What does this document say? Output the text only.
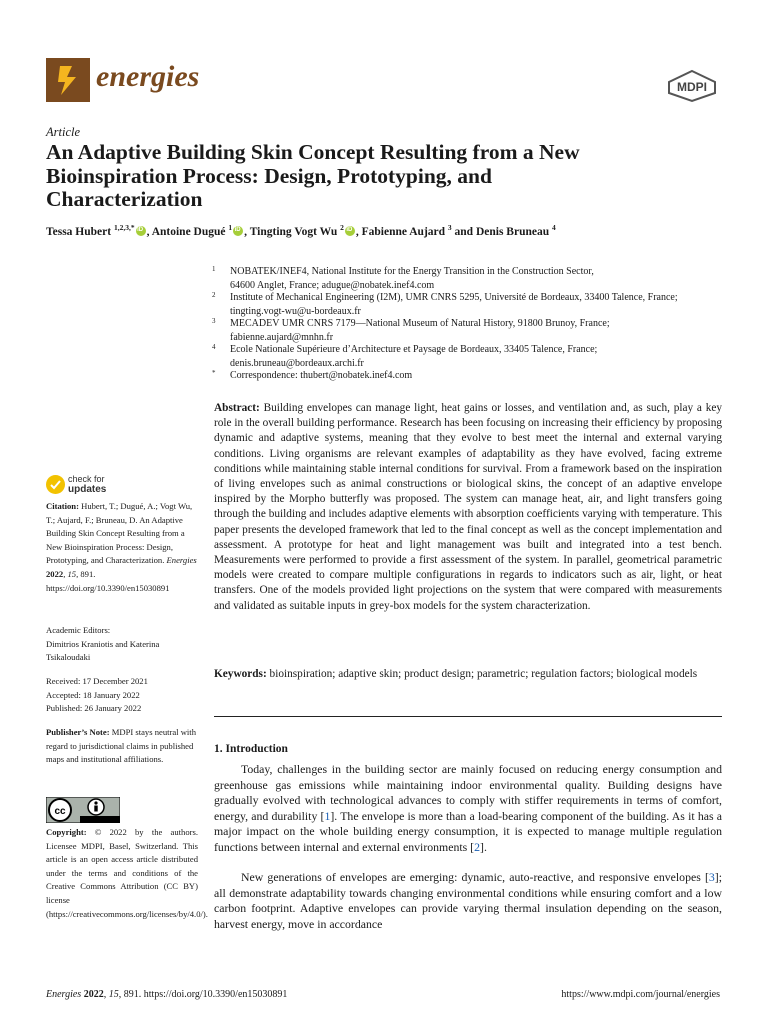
energies	MDPI
Article
An Adaptive Building Skin Concept Resulting from a New Bioinspiration Process: Design, Prototyping, and Characterization
Tessa Hubert $^{1,2,3,*}$ iD , Antoine Dugué $^1$ iD , Tingting Vogt Wu $^2$ iD , Fabienne Aujard $^3$ and Denis Bruneau $^4$
1 NOBATEK/INEF4, National Institute for the Energy Transition in the Construction Sector,
64600 Anglet, France; adugue@nobatek.inef4.com
2 Institute of Mechanical Engineering (I2M), UMR CNRS 5295, Université de Bordeaux, 33400 Talence, France;
tingting.vogt-wu@u-bordeaux.fr
3 MECADEV UMR CNRS 7179—National Museum of Natural History, 91800 Brunoy, France;
fabienne.aujard@mnhn.fr
4 Ecole Nationale Supérieure d’Architecture et Paysage de Bordeaux, 33405 Talence, France;
denis.bruneau@bordeaux.archi.fr
* Correspondence: thubert@nobatek.inef4.com
Abstract: Building envelopes can manage light, heat gains or losses, and ventilation and, as such, play a key role in the overall building performance. Research has been focusing on increasing their efficiency by proposing dynamic and adaptive systems, meaning that they evolve to best meet the internal and external varying conditions. Living organisms are relevant examples of adaptability as they have evolved, facing extreme conditions while maintaining stable internal conditions for survival. From a framework based on the inspiration of living envelopes such as animal constructions or biological skins, the concept of an adaptive envelope inspired by the Morpho butterfly was proposed. The system can manage heat, air, and light transfers going through the building and includes adaptive elements with absorption coefficients varying with temperature. This paper presents the developed framework that led to the final concept as well as the concept implementation and assessment. A prototype for heat and light management was built and integrated into a test bench. Measurements were performed to provide a first assessment of the system. In parallel, geometrical parametric models were created to compare multiple configurations in regards to indicators such as air, light, or heat transfers. One of the models provided light projections on the system that were compared with measurements and validated as suitable inputs in grey-box models for the system characterization.
Keywords: bioinspiration; adaptive skin; product design; parametric; regulation factors; biological models
1. Introduction
Today, challenges in the building sector are mainly focused on reducing energy consumption and greenhouse gas emissions while maintaining indoor environmental quality. Building designs have gradually evolved with technological advances to comply with stiffer requirements in terms of comfort, energy, and durability [1]. The envelope is more than a load-bearing component of the building. As it has a major impact on the whole building energy consumption, it is expected to manage multiple regulation functions between internal and external environments [2].
New generations of envelopes are emerging: dynamic, auto-reactive, and responsive envelopes [3]; all demonstrate adaptability towards changing environmental conditions while ensuring comfort and a low carbon footprint. Adaptive envelopes can provide varying thermal insulation depending on the season, harvest energy, move in accordance
check for
updates
Citation: Hubert, T.; Dugué, A.; Vogt Wu, T.; Aujard, F.; Bruneau, D. An Adaptive Building Skin Concept Resulting from a New Bioinspiration Process: Design, Prototyping, and Characterization. Energies 2022, 15, 891. https://doi.org/10.3390/en15030891
Academic Editors:
Dimitrios Kraniotis and Katerina Tsikaloudaki
Received: 17 December 2021
Accepted: 18 January 2022
Published: 26 January 2022
Publisher’s Note: MDPI stays neutral with regard to jurisdictional claims in published maps and institutional affiliations.
cc
Copyright: © 2022 by the authors. Licensee MDPI, Basel, Switzerland. This article is an open access article distributed under the terms and conditions of the Creative Commons Attribution (CC BY) license (https://creativecommons.org/licenses/by/4.0/).
Energies 2022, 15, 891. https://doi.org/10.3390/en15030891	https://www.mdpi.com/journal/energies
